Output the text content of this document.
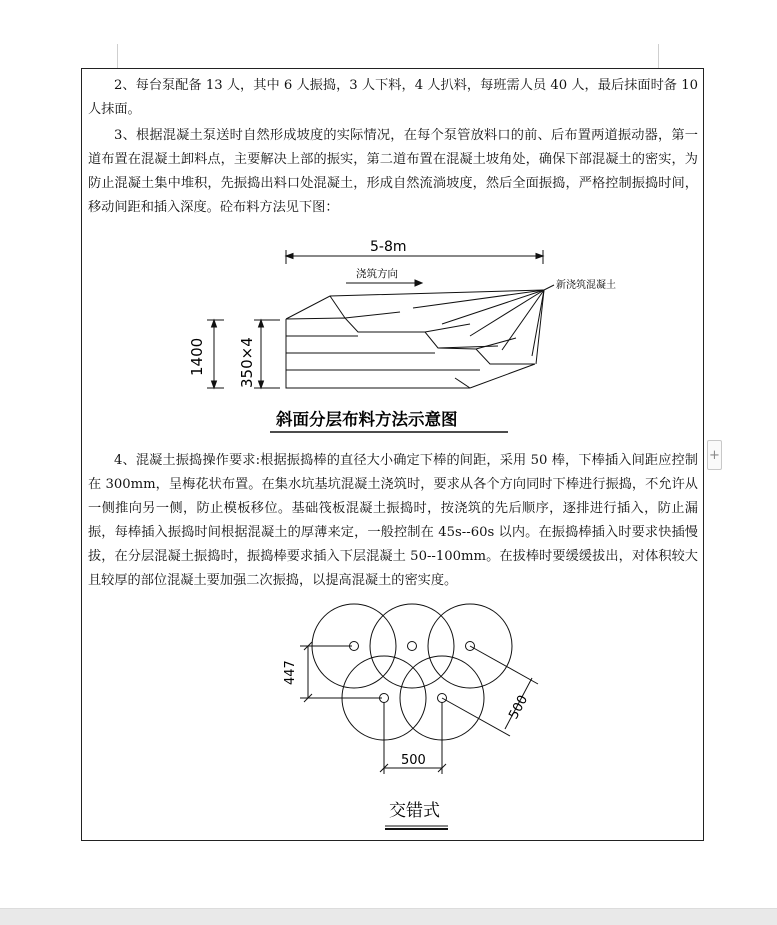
2、每台泵配备 13 人，其中 6 人振捣，3 人下料，4 人扒料，每班需人员 40 人，最后抹面时备 10 人抹面。

3、根据混凝土泵送时自然形成坡度的实际情况，在每个泵管放料口的前、后布置两道振动器，第一道布置在混凝土卸料点，主要解决上部的振实，第二道布置在混凝土坡角处，确保下部混凝土的密实，为防止混凝土集中堆积，先振捣出料口处混凝土，形成自然流淌坡度，然后全面振捣，严格控制振捣时间，移动间距和插入深度。砼布料方法见下图：

5-8m
浇筑方向
新浇筑混凝土
1400 350×4
斜面分层布料方法示意图

4、混凝土振捣操作要求:根据振捣棒的直径大小确定下棒的间距，采用 50 棒，下棒插入间距应控制在 300mm，呈梅花状布置。在集水坑基坑混凝土浇筑时，要求从各个方向同时下棒进行振捣，不允许从一侧推向另一侧，防止模板移位。基础筏板混凝土振捣时，按浇筑的先后顺序，逐排进行插入，防止漏振，每棒插入振捣时间根据混凝土的厚薄来定，一般控制在 45s--60s 以内。在振捣棒插入时要求快插慢拔，在分层混凝土振捣时，振捣棒要求插入下层混凝土 50--100mm。在拔棒时要缓缓拔出，对体积较大且较厚的部位混凝土要加强二次振捣，以提高混凝土的密实度。

447
500
500
交错式
+
